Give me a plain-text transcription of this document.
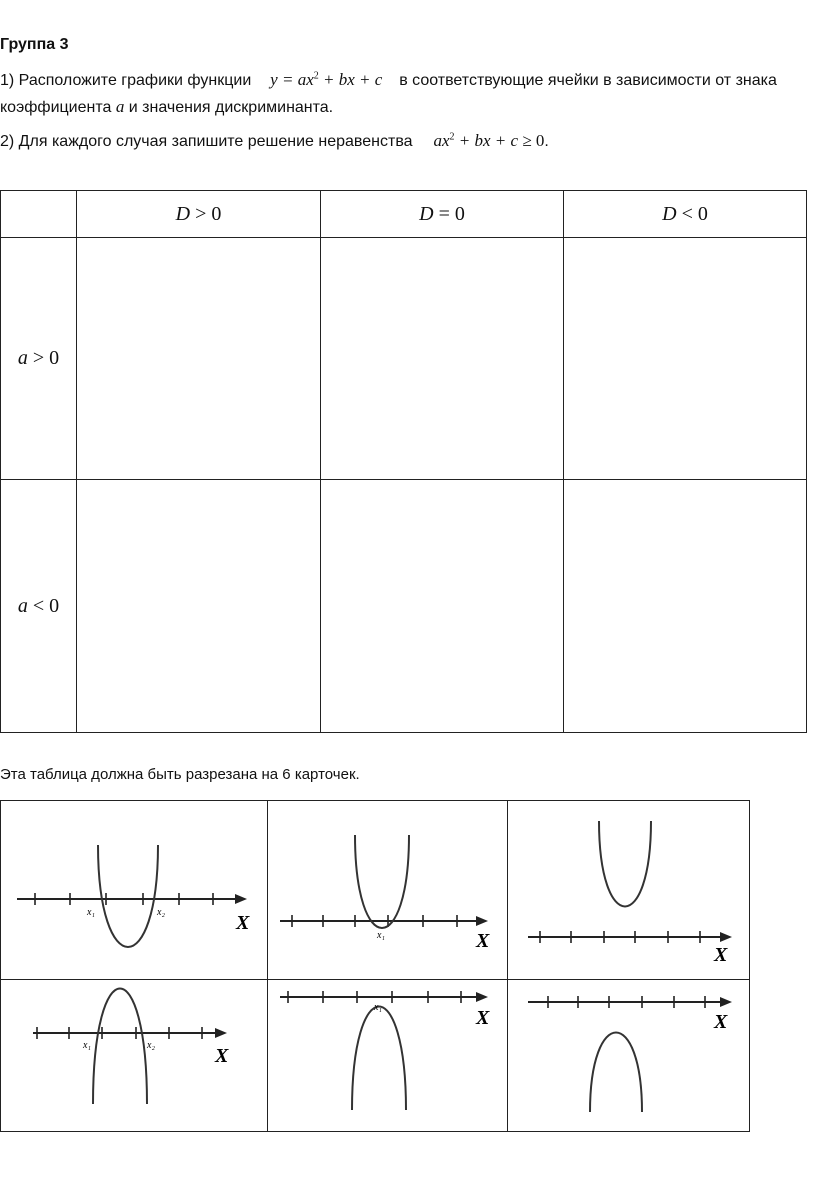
Группа 3
1) Расположите графики функции $y = ax^2$ + bx + c в соответствующие ячейки в зависимости от знака
коэффициента a и значения дискриминанта.
2) Для каждого случая запишите решение неравенства $ax^2$ + bx + c ≥ 0.
	D > 0	D = 0	D < 0
a > 0			
a < 0			
Эта таблица должна быть разрезана на 6 карточек.
x₁ x₂ X	x₁ X	X

x₁ x₂ X	x₁ X	X
